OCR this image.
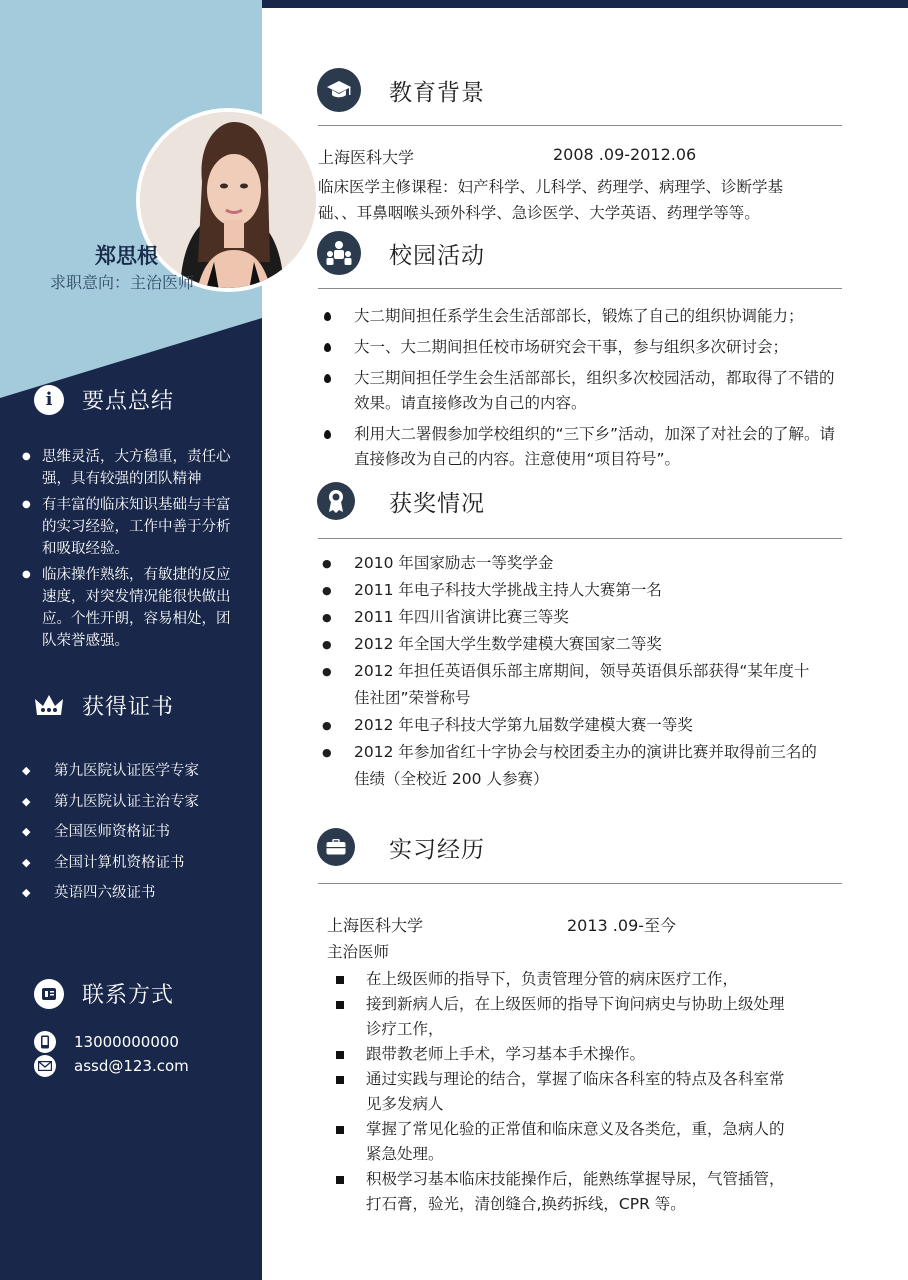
郑思根
求职意向：主治医师
i 要点总结
● 思维灵活，大方稳重，责任心强，具有较强的团队精神
● 有丰富的临床知识基础与丰富的实习经验，工作中善于分析和吸取经验。
● 临床操作熟练，有敏捷的反应速度，对突发情况能很快做出应。个性开朗，容易相处，团队荣誉感强。
获得证书
◆ 第九医院认证医学专家
◆ 第九医院认证主治专家
◆ 全国医师资格证书
◆ 全国计算机资格证书
◆ 英语四六级证书
联系方式
13000000000
assd@123.com
教育背景
上海医科大学	2008 .09-2012.06
临床医学主修课程：妇产科学、儿科学、药理学、病理学、诊断学基
础、、耳鼻咽喉头颈外科学、急诊医学、大学英语、药理学等等。
校园活动
大二期间担任系学生会生活部部长，锻炼了自己的组织协调能力；
大一、大二期间担任校市场研究会干事，参与组织多次研讨会；
大三期间担任学生会生活部部长，组织多次校园活动，都取得了不错的效果。请直接修改为自己的内容。
利用大二署假参加学校组织的“三下乡”活动，加深了对社会的了解。请直接修改为自己的内容。注意使用“项目符号”。
获奖情况
● 2010 年国家励志一等奖学金
● 2011 年电子科技大学挑战主持人大赛第一名
● 2011 年四川省演讲比赛三等奖
● 2012 年全国大学生数学建模大赛国家二等奖
● 2012 年担任英语俱乐部主席期间，领导英语俱乐部获得“某年度十佳社团”荣誉称号
● 2012 年电子科技大学第九届数学建模大赛一等奖
● 2012 年参加省红十字协会与校团委主办的演讲比赛并取得前三名的佳绩（全校近 200 人参赛）
实习经历
上海医科大学	2013 .09-至今
主治医师
在上级医师的指导下，负责管理分管的病床医疗工作，
接到新病人后，在上级医师的指导下询问病史与协助上级处理诊疗工作，
跟带教老师上手术，学习基本手术操作。
通过实践与理论的结合，掌握了临床各科室的特点及各科室常见多发病人
掌握了常见化验的正常值和临床意义及各类危，重，急病人的紧急处理。
积极学习基本临床技能操作后，能熟练掌握导尿，气管插管，打石膏，验光，清创缝合,换药拆线，CPR 等。
